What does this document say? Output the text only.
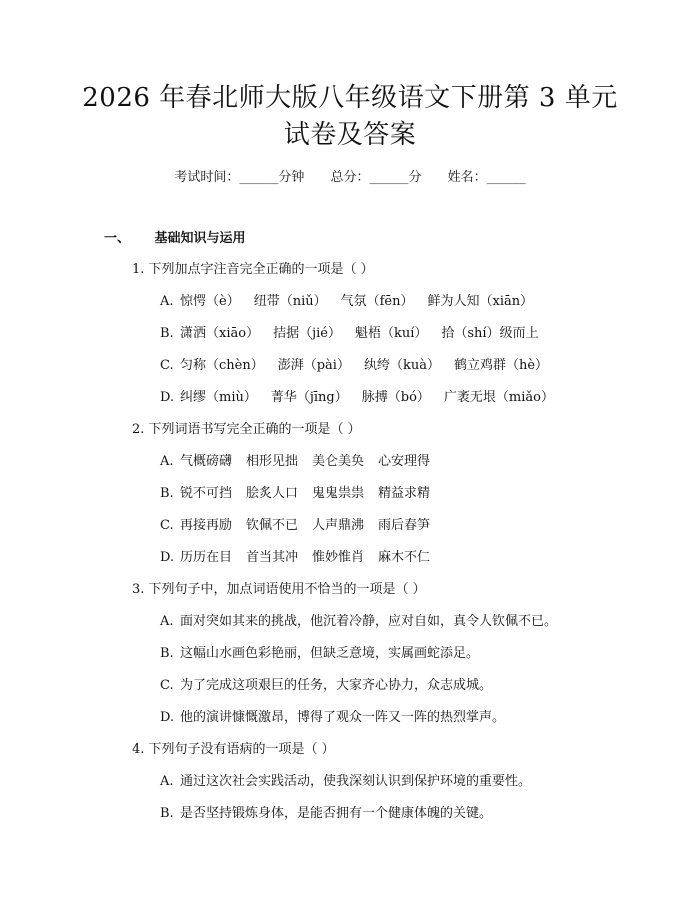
2026 年春北师大版八年级语文下册第 3 单元
试卷及答案
考试时间：______分钟 总分：______分 姓名：______
一、 基础知识与运用
1. 下列加点字注音完全正确的一项是（ ）
A. 惊愕（è） 纽带（niǔ） 气氛（fēn） 鲜为人知（xiān）
B. 潇洒（xiāo） 拮据（jié） 魁梧（kuí） 拾（shí）级而上
C. 匀称（chèn） 澎湃（pài） 纨绔（kuà） 鹤立鸡群（hè）
D. 纠缪（miù） 菁华（jīng） 脉搏（bó） 广袤无垠（miǎo）
2. 下列词语书写完全正确的一项是（ ）
A. 气概磅礴 相形见拙 美仑美奂 心安理得
B. 锐不可挡 脍炙人口 鬼鬼祟祟 精益求精
C. 再接再励 钦佩不已 人声鼎沸 雨后春笋
D. 历历在目 首当其冲 惟妙惟肖 麻木不仁
3. 下列句子中，加点词语使用不恰当的一项是（ ）
A. 面对突如其来的挑战，他沉着冷静，应对自如，真令人钦佩不已。
B. 这幅山水画色彩艳丽，但缺乏意境，实属画蛇添足。
C. 为了完成这项艰巨的任务，大家齐心协力，众志成城。
D. 他的演讲慷慨激昂，博得了观众一阵又一阵的热烈掌声。
4. 下列句子没有语病的一项是（ ）
A. 通过这次社会实践活动，使我深刻认识到保护环境的重要性。
B. 是否坚持锻炼身体，是能否拥有一个健康体魄的关键。
